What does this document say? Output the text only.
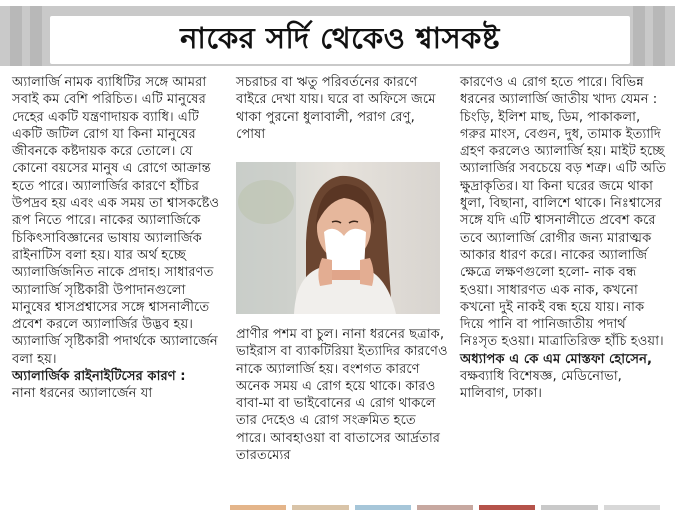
নাকের সর্দি থেকেও শ্বাসকষ্ট

অ্যালার্জি নামক ব্যাধিটির সঙ্গে আমরা সবাই কম বেশি পরিচিত। এটি মানুষের দেহের একটি যন্ত্রণাদায়ক ব্যাধি। এটি একটি জটিল রোগ যা কিনা মানুষের জীবনকে কষ্টদায়ক করে তোলে। যে কোনো বয়সের মানুষ এ রোগে আক্রান্ত হতে পারে। অ্যালার্জির কারণে হাঁচির উপদ্রব হয় এবং এক সময় তা শ্বাসকষ্টেও রূপ নিতে পারে। নাকের অ্যালার্জিকে চিকিৎসাবিজ্ঞানের ভাষায় অ্যালার্জিক রাইনাটিস বলা হয়। যার অর্থ হচ্ছে অ্যালার্জিজনিত নাকে প্রদাহ। সাধারণত অ্যালার্জি সৃষ্টিকারী উপাদানগুলো মানুষের শ্বাসপ্রশ্বাসের সঙ্গে শ্বাসনালীতে প্রবেশ করলে অ্যালার্জির উদ্ভব হয়। অ্যালার্জি সৃষ্টিকারী পদার্থকে অ্যালার্জেন বলা হয়।

অ্যালার্জিক রাইনাইটিসের কারণ :

নানা ধরনের অ্যালার্জেন যা

সচরাচর বা ঋতু পরিবর্তনের কারণে বাইরে দেখা যায়। ঘরে বা অফিসে জমে থাকা পুরনো ধুলাবালী, পরাগ রেণু, পোষা

প্রাণীর পশম বা চুল। নানা ধরনের ছত্রাক, ভাইরাস বা ব্যাকটিরিয়া ইত্যাদির কারণেও নাকে অ্যালার্জি হয়। বংশগত কারণে অনেক সময় এ রোগ হয়ে থাকে। কারও বাবা-মা বা ভাইবোনের এ রোগ থাকলে তার দেহেও এ রোগ সংক্রমিত হতে পারে। আবহাওয়া বা বাতাসের আর্দ্রতার তারতম্যের

কারণেও এ রোগ হতে পারে। বিভিন্ন ধরনের অ্যালার্জি জাতীয় খাদ্য যেমন : চিংড়ি, ইলিশ মাছ, ডিম, পাকাকলা, গরুর মাংস, বেগুন, দুধ, তামাক ইত্যাদি গ্রহণ করলেও অ্যালার্জি হয়। মাইট হচ্ছে অ্যালার্জির সবচেয়ে বড় শত্রু। এটি অতি ক্ষুদ্রাকৃতির। যা কিনা ঘরের জমে থাকা ধুলা, বিছানা, বালিশে থাকে। নিঃশ্বাসের সঙ্গে যদি এটি শ্বাসনালীতে প্রবেশ করে তবে অ্যালার্জি রোগীর জন্য মারাত্মক আকার ধারণ করে। নাকের অ্যালার্জি ক্ষেত্রে লক্ষণগুলো হলো- নাক বন্ধ হওয়া। সাধারণত এক নাক, কখনো কখনো দুই নাকই বন্ধ হয়ে যায়। নাক দিয়ে পানি বা পানিজাতীয় পদার্থ নিঃসৃত হওয়া। মাত্রাতিরিক্ত হাঁচি হওয়া।

অধ্যাপক এ কে এম মোস্তফা হোসেন, বক্ষব্যাধি বিশেষজ্ঞ, মেডিনোভা, মালিবাগ, ঢাকা।
